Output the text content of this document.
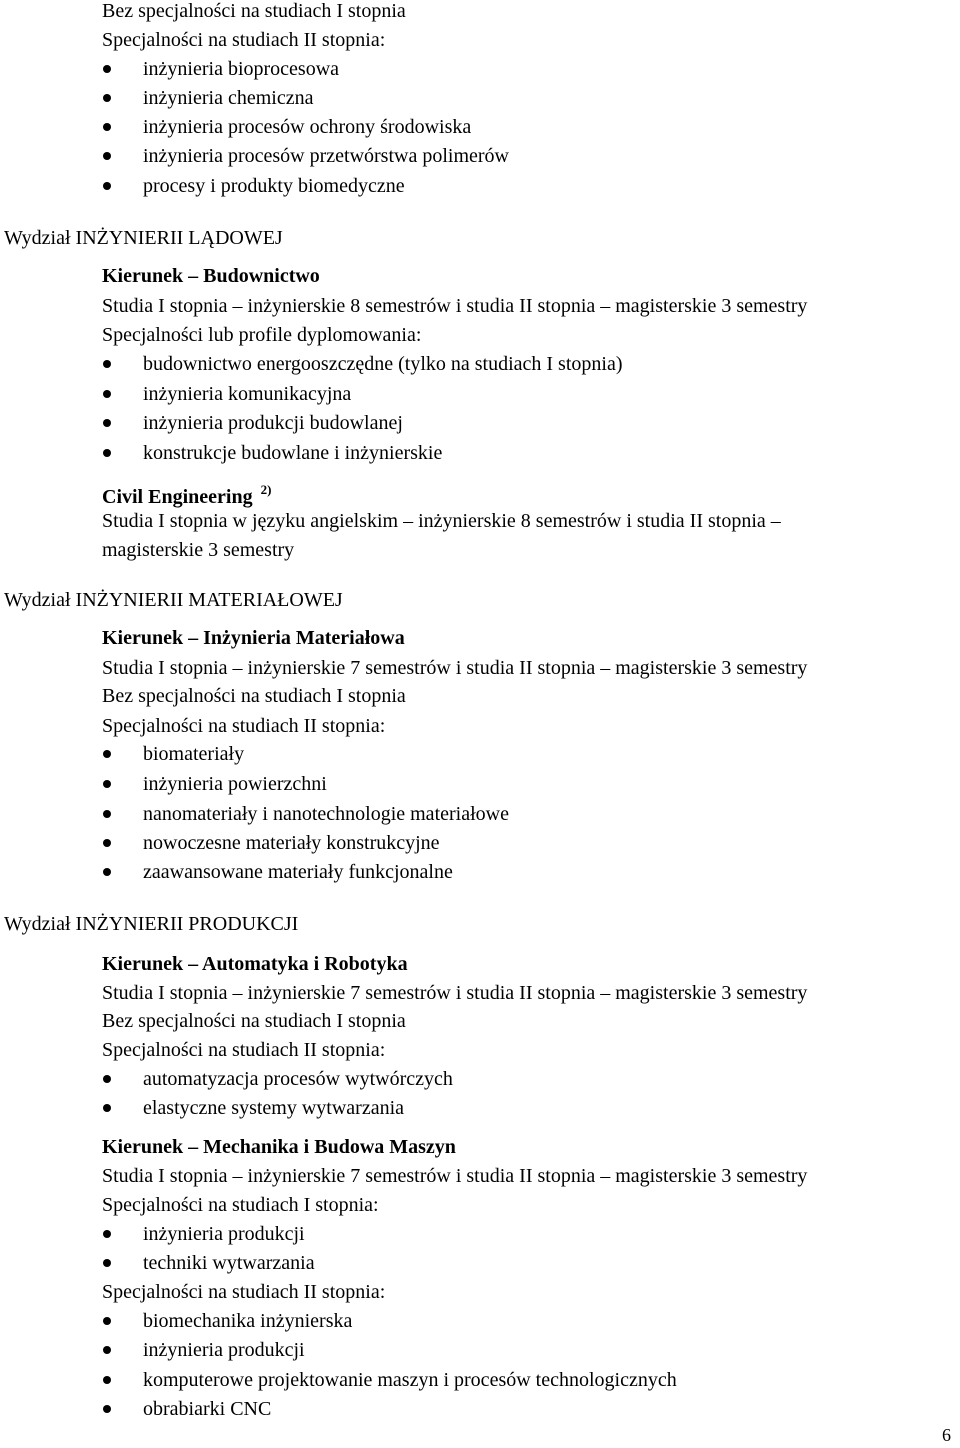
Bez specjalności na studiach I stopnia
Specjalności na studiach II stopnia:
inżynieria bioprocesowa
inżynieria chemiczna
inżynieria procesów ochrony środowiska
inżynieria procesów przetwórstwa polimerów
procesy i produkty biomedyczne
Wydział INŻYNIERII LĄDOWEJ
Kierunek – Budownictwo
Studia I stopnia – inżynierskie 8 semestrów i studia II stopnia – magisterskie 3 semestry
Specjalności lub profile dyplomowania:
budownictwo energooszczędne (tylko na studiach I stopnia)
inżynieria komunikacyjna
inżynieria produkcji budowlanej
konstrukcje budowlane i inżynierskie
Civil Engineering $^{2)}$
Studia I stopnia w języku angielskim – inżynierskie 8 semestrów i studia II stopnia –
magisterskie 3 semestry
Wydział INŻYNIERII MATERIAŁOWEJ
Kierunek – Inżynieria Materiałowa
Studia I stopnia – inżynierskie 7 semestrów i studia II stopnia – magisterskie 3 semestry
Bez specjalności na studiach I stopnia
Specjalności na studiach II stopnia:
biomateriały
inżynieria powierzchni
nanomateriały i nanotechnologie materiałowe
nowoczesne materiały konstrukcyjne
zaawansowane materiały funkcjonalne
Wydział INŻYNIERII PRODUKCJI
Kierunek – Automatyka i Robotyka
Studia I stopnia – inżynierskie 7 semestrów i studia II stopnia – magisterskie 3 semestry
Bez specjalności na studiach I stopnia
Specjalności na studiach II stopnia:
automatyzacja procesów wytwórczych
elastyczne systemy wytwarzania
Kierunek – Mechanika i Budowa Maszyn
Studia I stopnia – inżynierskie 7 semestrów i studia II stopnia – magisterskie 3 semestry
Specjalności na studiach I stopnia:
inżynieria produkcji
techniki wytwarzania
Specjalności na studiach II stopnia:
biomechanika inżynierska
inżynieria produkcji
komputerowe projektowanie maszyn i procesów technologicznych
obrabiarki CNC
6
